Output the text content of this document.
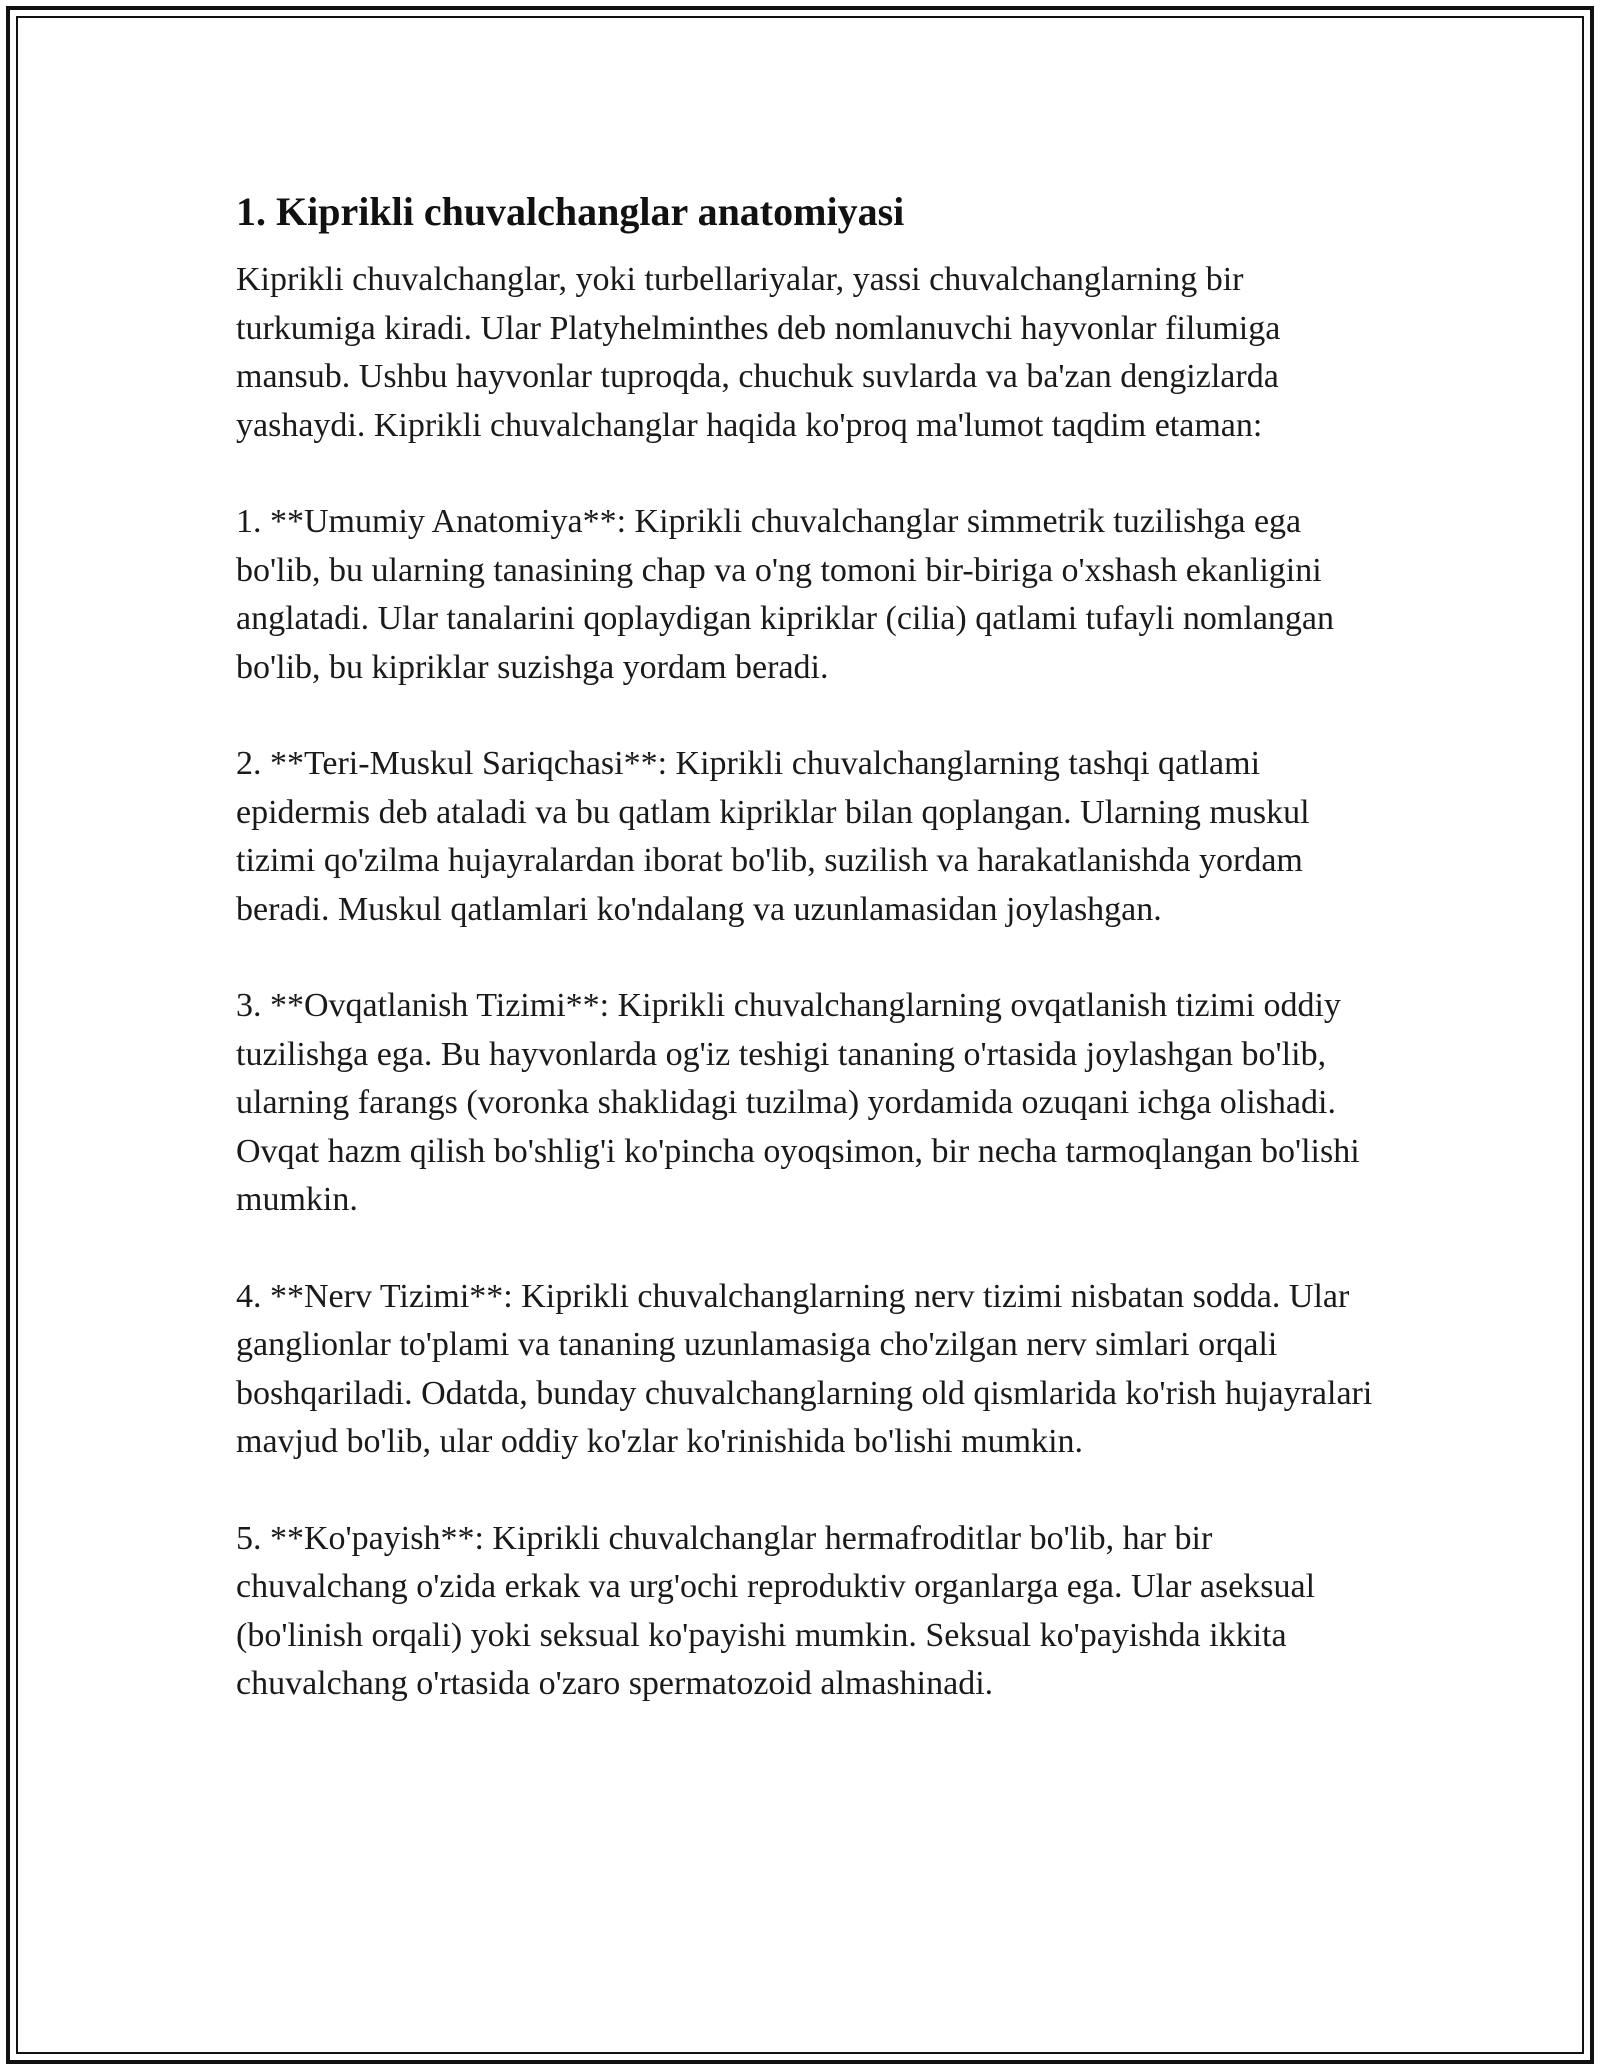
1. Kiprikli chuvalchanglar anatomiyasi

Kiprikli chuvalchanglar, yoki turbellariyalar, yassi chuvalchanglarning bir turkumiga kiradi. Ular Platyhelminthes deb nomlanuvchi hayvonlar filumiga mansub. Ushbu hayvonlar tuproqda, chuchuk suvlarda va ba'zan dengizlarda yashaydi. Kiprikli chuvalchanglar haqida ko'proq ma'lumot taqdim etaman:

1. **Umumiy Anatomiya**: Kiprikli chuvalchanglar simmetrik tuzilishga ega bo'lib, bu ularning tanasining chap va o'ng tomoni bir-biriga o'xshash ekanligini anglatadi. Ular tanalarini qoplaydigan kipriklar (cilia) qatlami tufayli nomlangan bo'lib, bu kipriklar suzishga yordam beradi.

2. **Teri-Muskul Sariqchasi**: Kiprikli chuvalchanglarning tashqi qatlami epidermis deb ataladi va bu qatlam kipriklar bilan qoplangan. Ularning muskul tizimi qo'zilma hujayralardan iborat bo'lib, suzilish va harakatlanishda yordam beradi. Muskul qatlamlari ko'ndalang va uzunlamasidan joylashgan.

3. **Ovqatlanish Tizimi**: Kiprikli chuvalchanglarning ovqatlanish tizimi oddiy tuzilishga ega. Bu hayvonlarda og'iz teshigi tananing o'rtasida joylashgan bo'lib, ularning farangs (voronka shaklidagi tuzilma) yordamida ozuqani ichga olishadi. Ovqat hazm qilish bo'shlig'i ko'pincha oyoqsimon, bir necha tarmoqlangan bo'lishi mumkin.

4. **Nerv Tizimi**: Kiprikli chuvalchanglarning nerv tizimi nisbatan sodda. Ular ganglionlar to'plami va tananing uzunlamasiga cho'zilgan nerv simlari orqali boshqariladi. Odatda, bunday chuvalchanglarning old qismlarida ko'rish hujayralari mavjud bo'lib, ular oddiy ko'zlar ko'rinishida bo'lishi mumkin.

5. **Ko'payish**: Kiprikli chuvalchanglar hermafroditlar bo'lib, har bir chuvalchang o'zida erkak va urg'ochi reproduktiv organlarga ega. Ular aseksual (bo'linish orqali) yoki seksual ko'payishi mumkin. Seksual ko'payishda ikkita chuvalchang o'rtasida o'zaro spermatozoid almashinadi.
